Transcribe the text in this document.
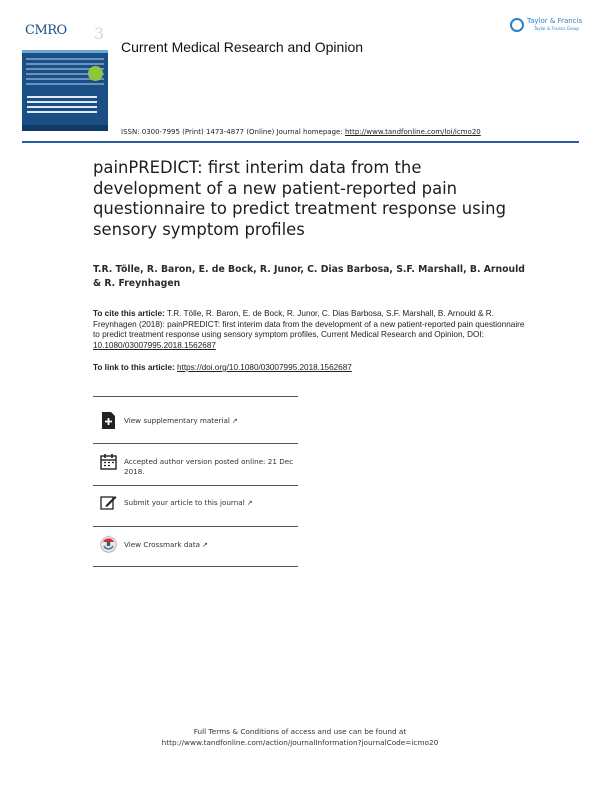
CMRO 3
Current Medical Research and Opinion
Taylor & Francis
Taylor & Francis Group
ISSN: 0300-7995 (Print) 1473-4877 (Online) Journal homepage: http://www.tandfonline.com/loi/icmo20
painPREDICT: first interim data from the development of a new patient-reported pain questionnaire to predict treatment response using sensory symptom profiles

T.R. Tölle, R. Baron, E. de Bock, R. Junor, C. Dias Barbosa, S.F. Marshall, B. Arnould & R. Freynhagen

To cite this article: T.R. Tölle, R. Baron, E. de Bock, R. Junor, C. Dias Barbosa, S.F. Marshall, B. Arnould & R. Freynhagen (2018): painPREDICT: first interim data from the development of a new patient-reported pain questionnaire to predict treatment response using sensory symptom profiles, Current Medical Research and Opinion, DOI: 10.1080/03007995.2018.1562687

To link to this article: https://doi.org/10.1080/03007995.2018.1562687

View supplementary material ↗
Accepted author version posted online: 21 Dec 2018.
Submit your article to this journal ↗
View Crossmark data ↗
Full Terms & Conditions of access and use can be found at
http://www.tandfonline.com/action/journalInformation?journalCode=icmo20
